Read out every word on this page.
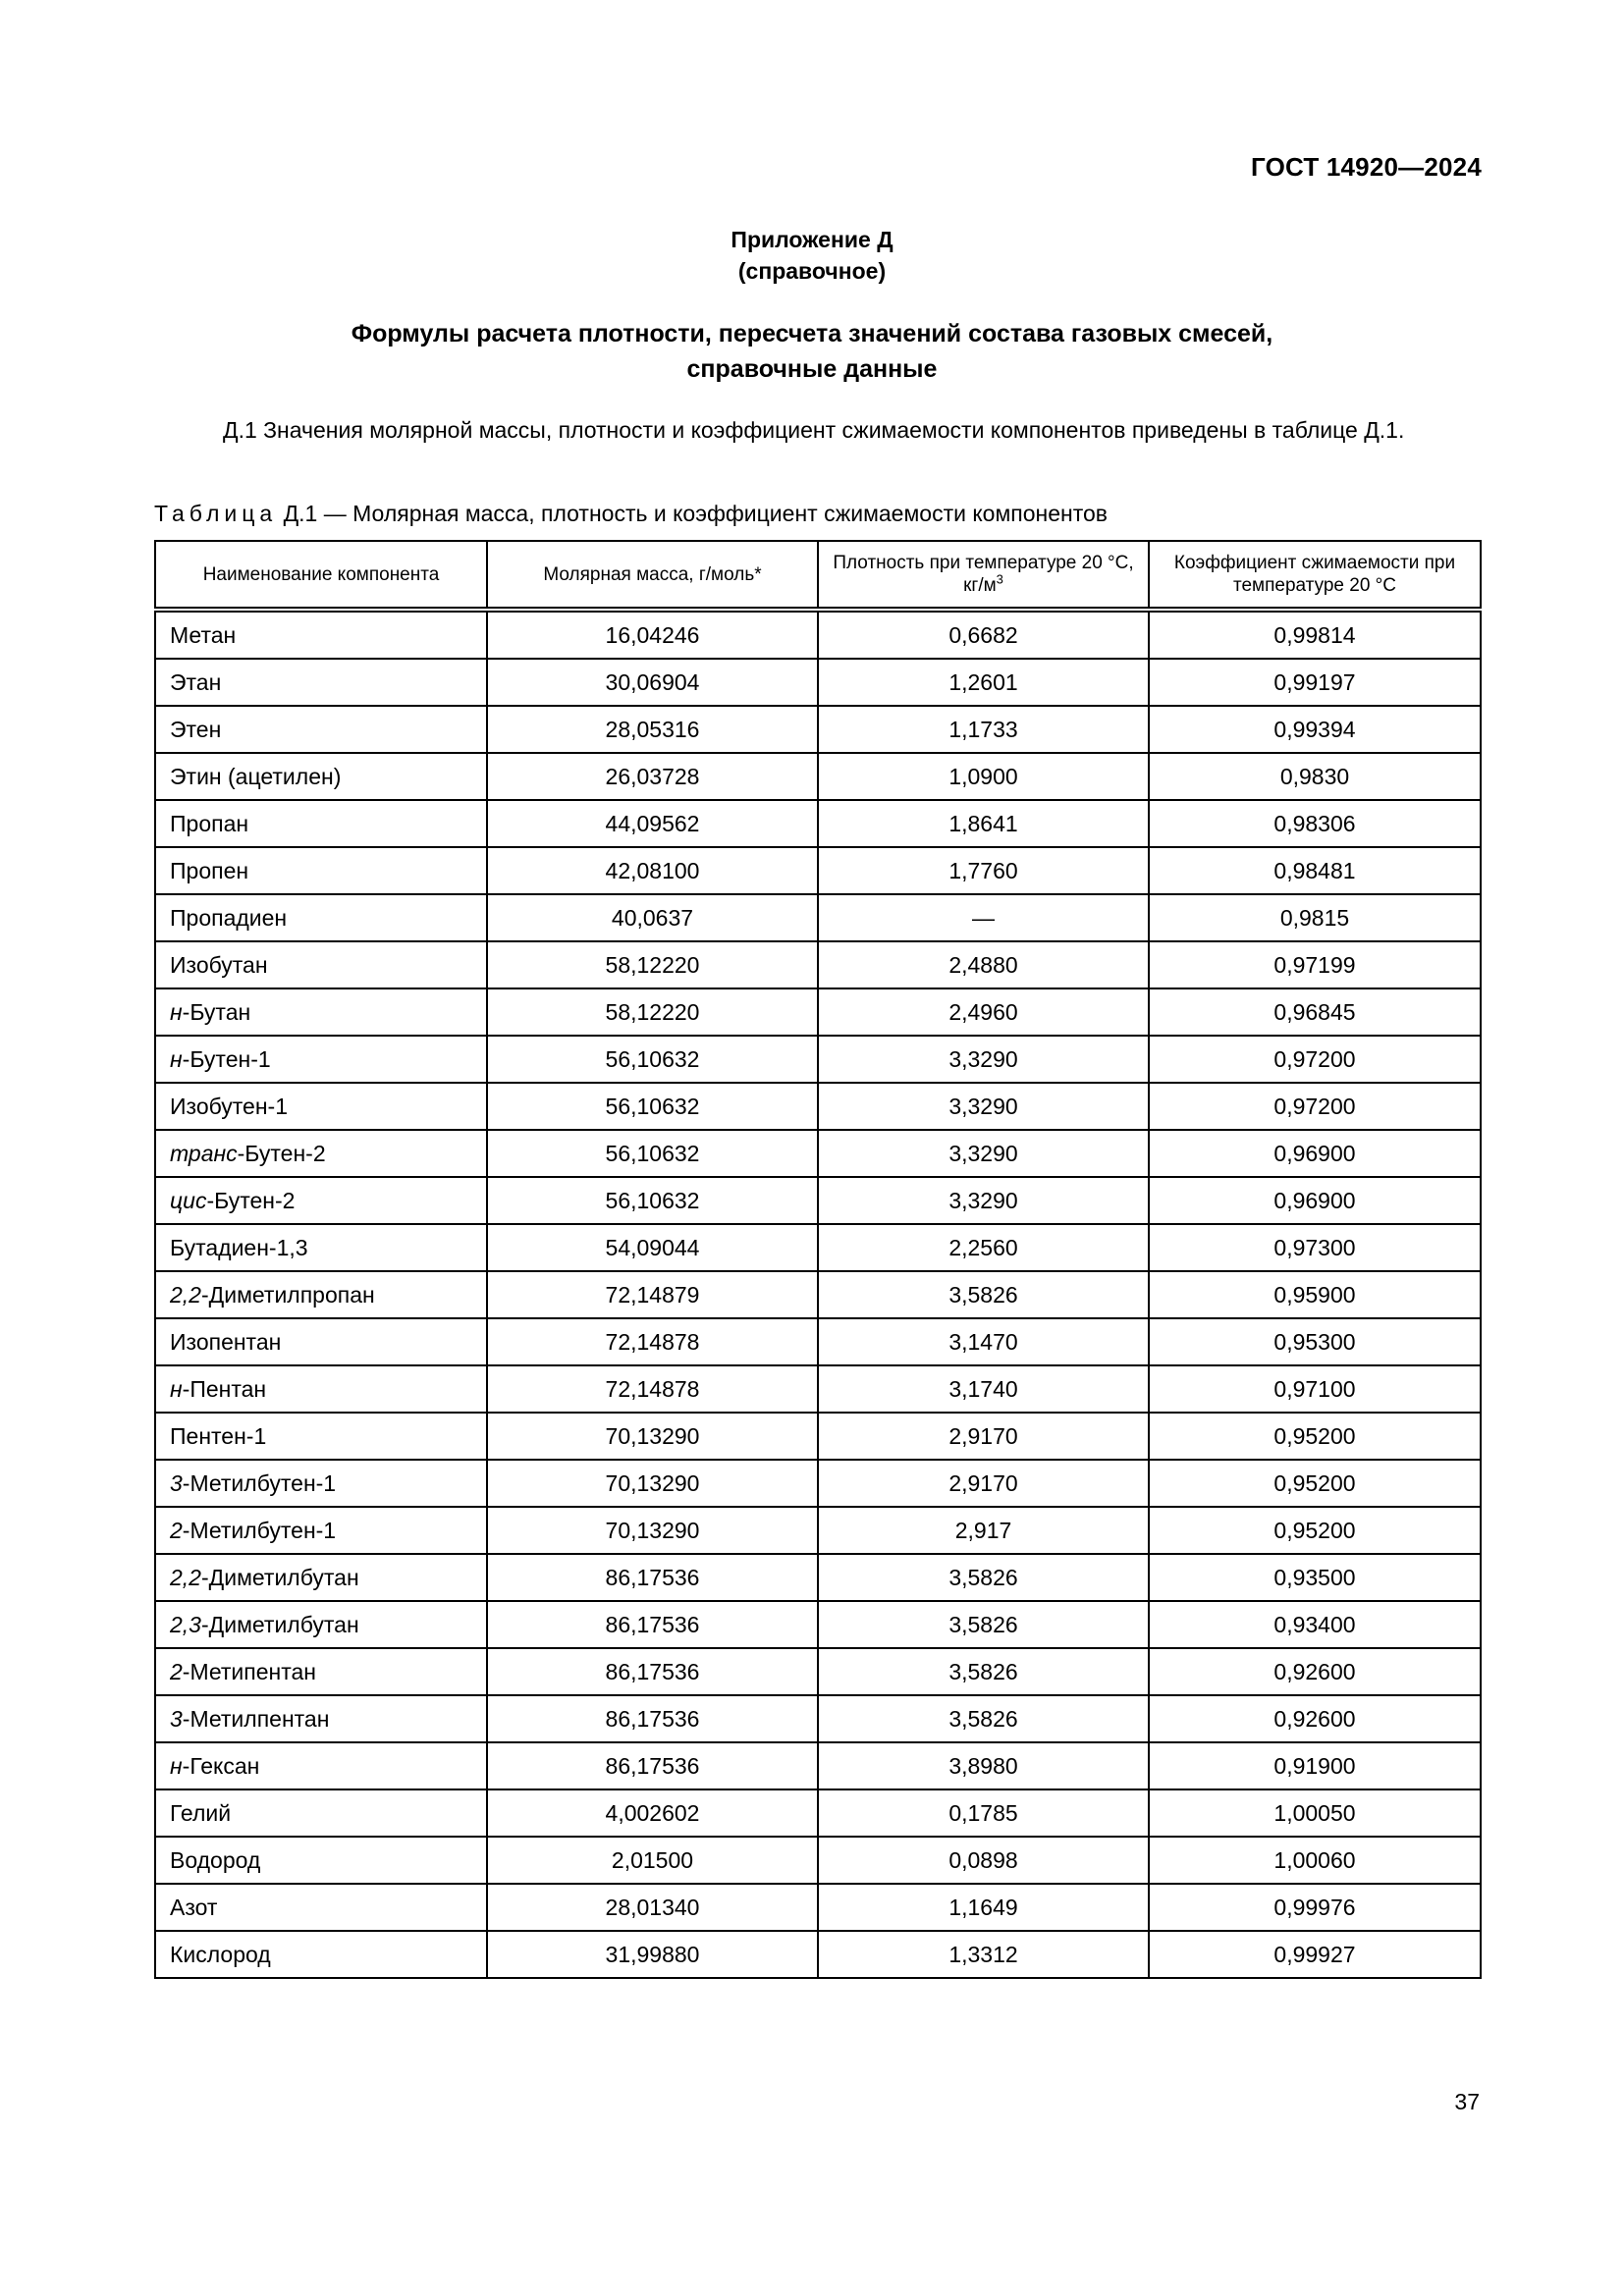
ГОСТ 14920—2024
Приложение Д
(справочное)
Формулы расчета плотности, пересчета значений состава газовых смесей,
справочные данные
Д.1 Значения молярной массы, плотности и коэффициент сжимаемости компонентов приведены в таблице Д.1.
Таблица Д.1 — Молярная масса, плотность и коэффициент сжимаемости компонентов
Наименование компонента	Молярная масса, г/моль*	Плотность при температуре 20 °С, $кг/м^3$	Коэффициент сжимаемости при температуре 20 °С
Метан	16,04246	0,6682	0,99814
Этан	30,06904	1,2601	0,99197
Этен	28,05316	1,1733	0,99394
Этин (ацетилен)	26,03728	1,0900	0,9830
Пропан	44,09562	1,8641	0,98306
Пропен	42,08100	1,7760	0,98481
Пропадиен	40,0637	—	0,9815
Изобутан	58,12220	2,4880	0,97199
н-Бутан	58,12220	2,4960	0,96845
н-Бутен-1	56,10632	3,3290	0,97200
Изобутен-1	56,10632	3,3290	0,97200
транс-Бутен-2	56,10632	3,3290	0,96900
цис-Бутен-2	56,10632	3,3290	0,96900
Бутадиен-1,3	54,09044	2,2560	0,97300
2,2-Диметилпропан	72,14879	3,5826	0,95900
Изопентан	72,14878	3,1470	0,95300
н-Пентан	72,14878	3,1740	0,97100
Пентен-1	70,13290	2,9170	0,95200
3-Метилбутен-1	70,13290	2,9170	0,95200
2-Метилбутен-1	70,13290	2,917	0,95200
2,2-Диметилбутан	86,17536	3,5826	0,93500
2,3-Диметилбутан	86,17536	3,5826	0,93400
2-Метипентан	86,17536	3,5826	0,92600
3-Метилпентан	86,17536	3,5826	0,92600
н-Гексан	86,17536	3,8980	0,91900
Гелий	4,002602	0,1785	1,00050
Водород	2,01500	0,0898	1,00060
Азот	28,01340	1,1649	0,99976
Кислород	31,99880	1,3312	0,99927
37
